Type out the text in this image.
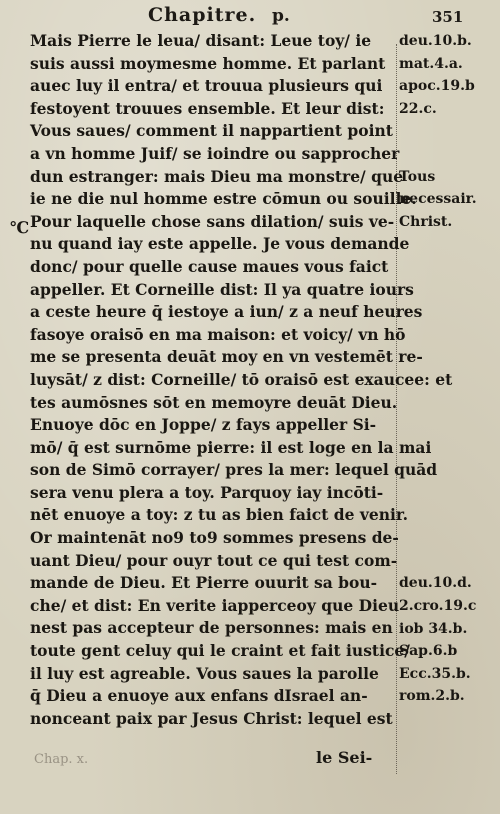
Chapitre. p.	351
℃
Mais Pierre le leua/ disant: Leue toy/ ie
suis aussi moymesme homme. Et parlant
auec luy il entra/ et trouua plusieurs qui
festoyent trouues ensemble. Et leur dist:
Vous saues/ comment il nappartient point
a vn homme Juif/ se ioindre ou sapprocher
dun estranger: mais Dieu ma monstre/ que
ie ne die nul homme estre cōmun ou souille.
Pour laquelle chose sans dilation/ suis ve-
nu quand iay este appelle. Je vous demande
donc/ pour quelle cause maues vous faict
appeller. Et Corneille dist: Il ya quatre iours
a ceste heure q̄ iestoye a iun/ z a neuf heures
fasoye oraisō en ma maison: et voicy/ vn hō
me se presenta deuāt moy en vn vestemēt re-
luysāt/ z dist: Corneille/ tō oraisō est exaucee: et
tes aumōsnes sōt en memoyre deuāt Dieu.
Enuoye dōc en Joppe/ z fays appeller Si-
mō/ q̄ est surnōme pierre: il est loge en la mai
son de Simō corrayer/ pres la mer: lequel quād
sera venu plera a toy. Parquoy iay incōti-
nēt enuoye a toy: z tu as bien faict de venir.
Or maintenāt no9 to9 sommes presens de-
uant Dieu/ pour ouyr tout ce qui test com-
mande de Dieu. Et Pierre ouurit sa bou-
che/ et dist: En verite iapperceoy que Dieu
nest pas accepteur de personnes: mais en
toute gent celuy qui le craint et fait iustice/
il luy est agreable. Vous saues la parolle
q̄ Dieu a enuoye aux enfans dIsrael an-
nonceant paix par Jesus Christ: lequel est
deu.10.b.
mat.4.a.
apoc.19.b
22.c.
Tous
necessair.
Christ.
deu.10.d.
2.cro.19.c
iob 34.b.
Sap.6.b
Ecc.35.b.
rom.2.b.
Chap. x.	le Sei-
